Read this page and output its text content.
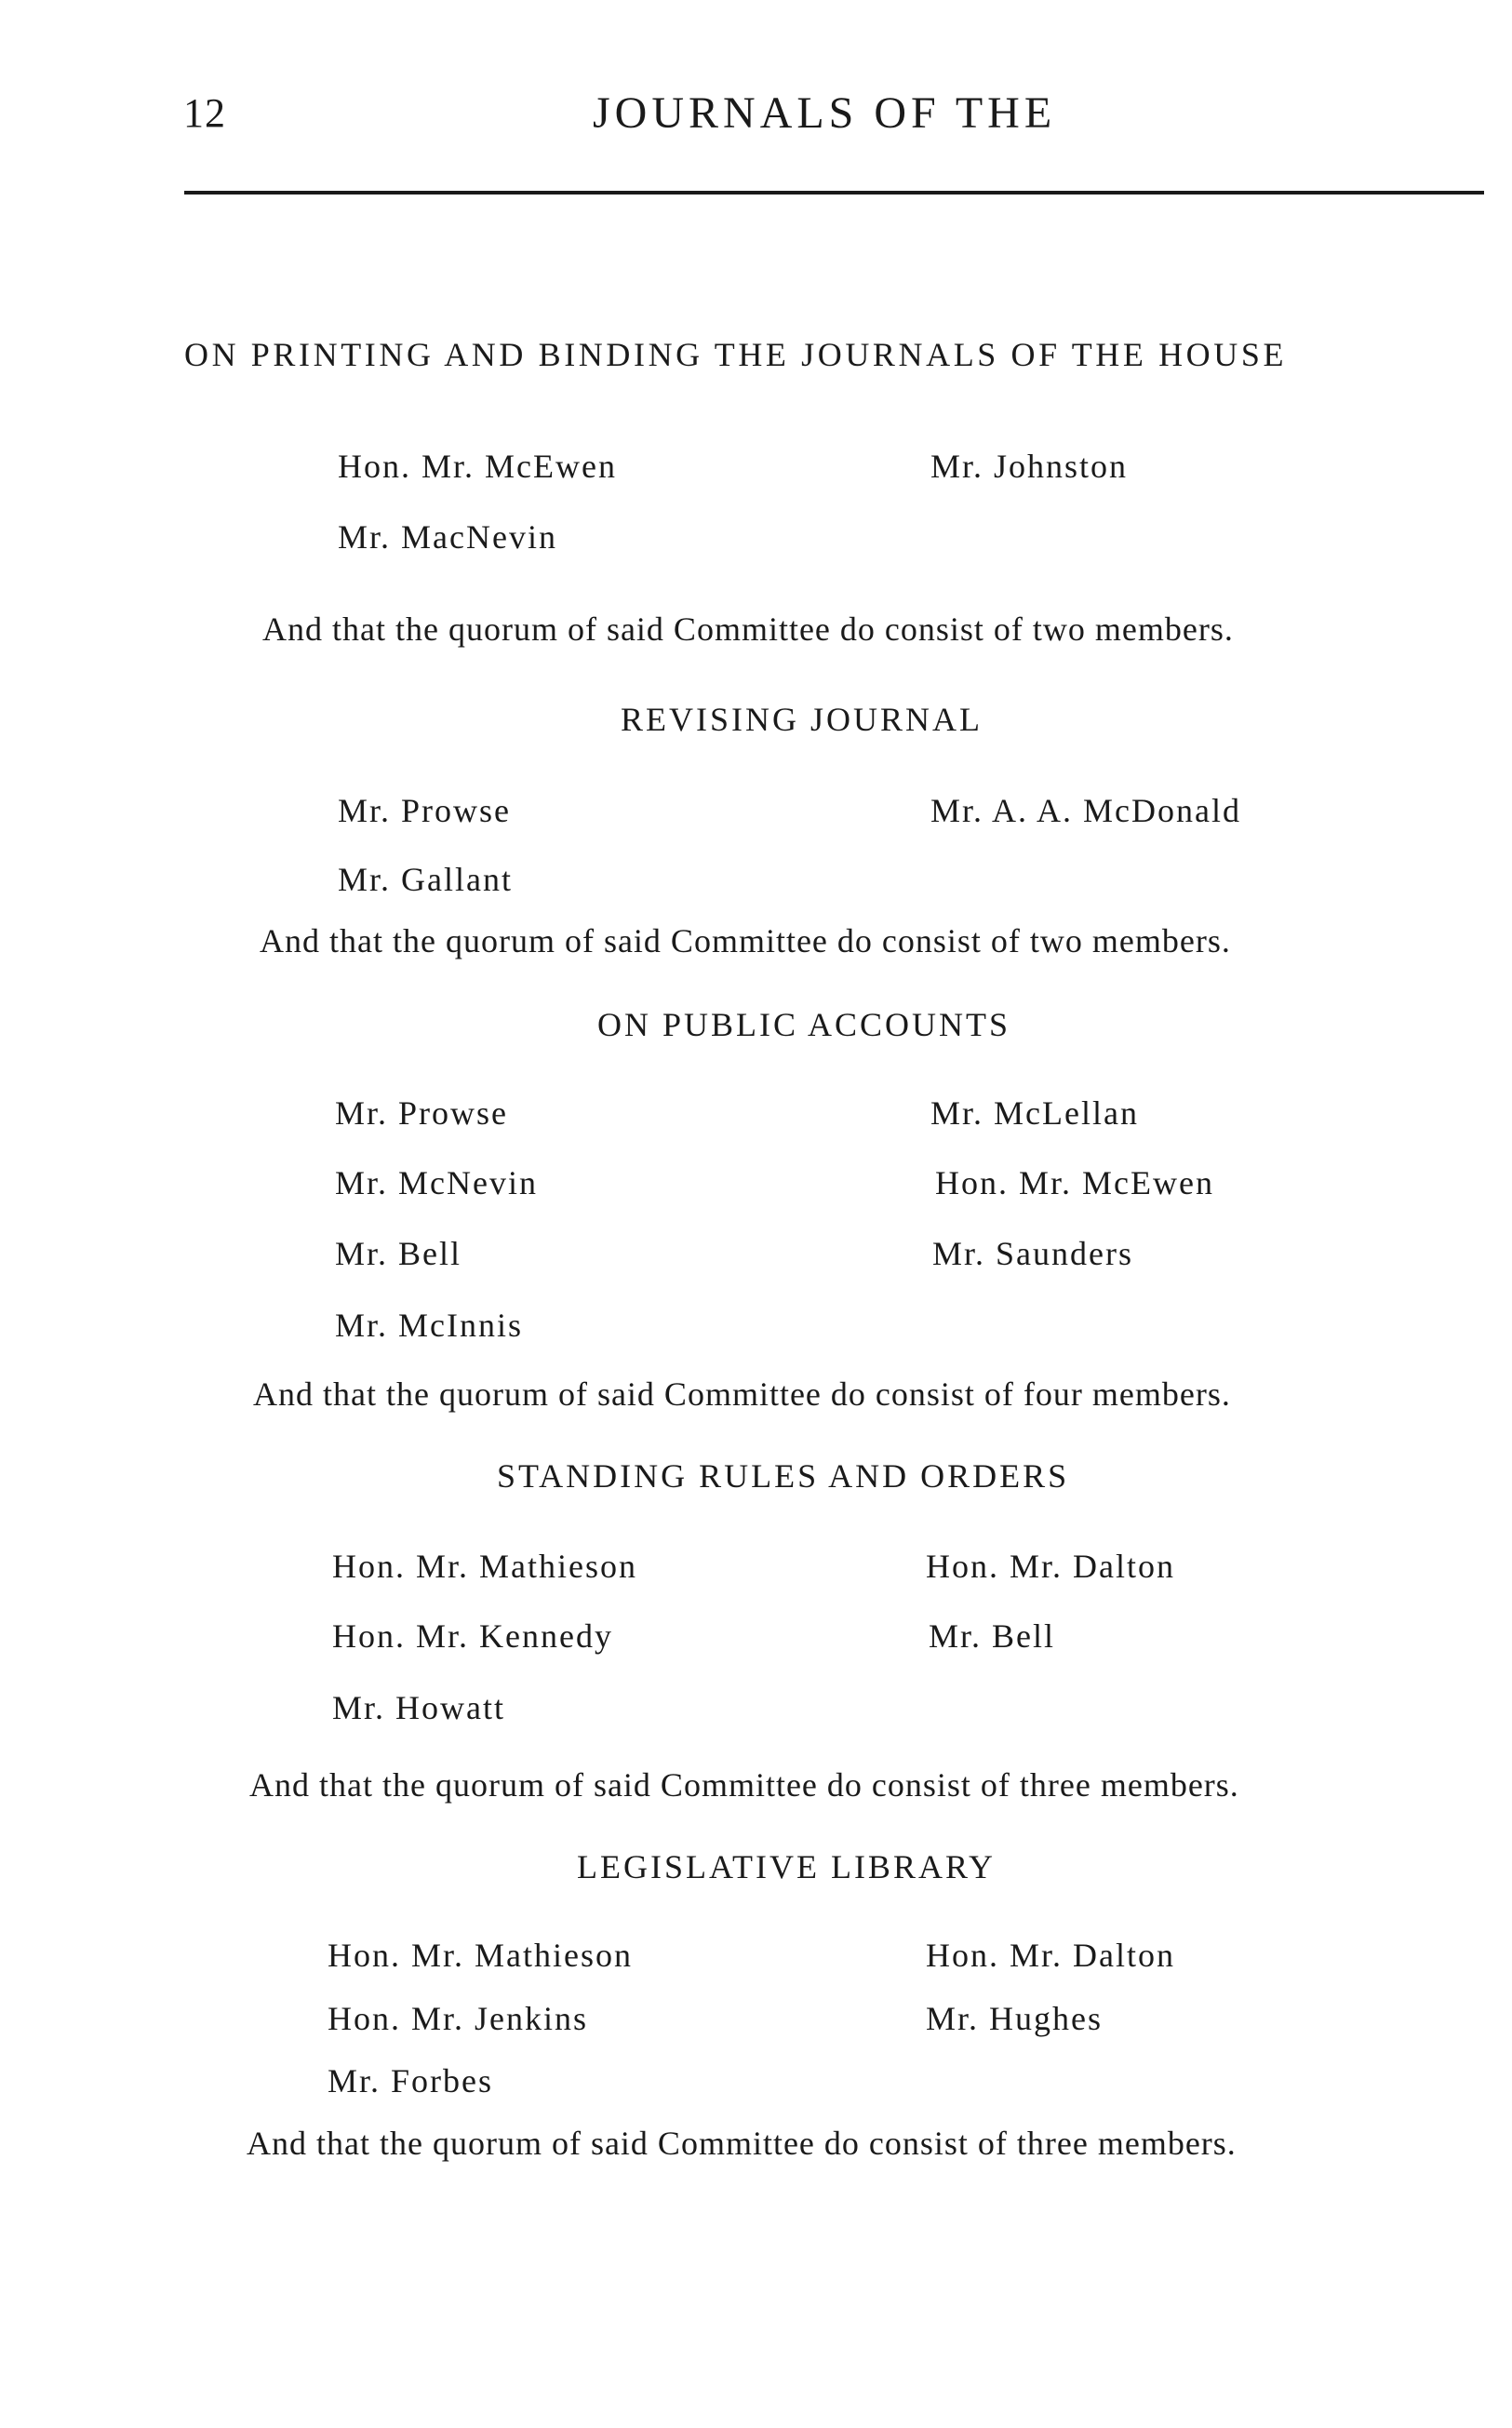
12	JOURNALS OF THE
ON PRINTING AND BINDING THE JOURNALS OF THE HOUSE
Hon. Mr. McEwen	Mr. Johnston
Mr. MacNevin
And that the quorum of said Committee do consist of two members.
REVISING JOURNAL
Mr. Prowse	Mr. A. A. McDonald
Mr. Gallant
And that the quorum of said Committee do consist of two members.
ON PUBLIC ACCOUNTS
Mr. Prowse	Mr. McLellan
Mr. McNevin	Hon. Mr. McEwen
Mr. Bell	Mr. Saunders
Mr. McInnis
And that the quorum of said Committee do consist of four members.
STANDING RULES AND ORDERS
Hon. Mr. Mathieson	Hon. Mr. Dalton
Hon. Mr. Kennedy	Mr. Bell
Mr. Howatt
And that the quorum of said Committee do consist of three members.
LEGISLATIVE LIBRARY
Hon. Mr. Mathieson	Hon. Mr. Dalton
Hon. Mr. Jenkins	Mr. Hughes
Mr. Forbes
And that the quorum of said Committee do consist of three members.
